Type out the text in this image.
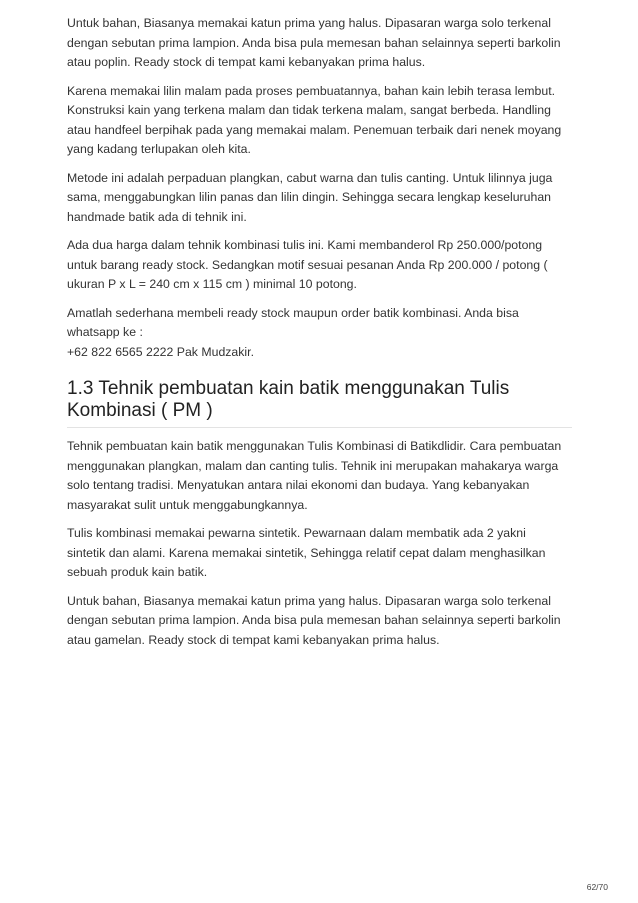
Untuk bahan, Biasanya memakai katun prima yang halus. Dipasaran warga solo terkenal
dengan sebutan prima lampion. Anda bisa pula memesan bahan selainnya seperti barkolin
atau poplin. Ready stock di tempat kami kebanyakan prima halus.

Karena memakai lilin malam pada proses pembuatannya, bahan kain lebih terasa lembut.
Konstruksi kain yang terkena malam dan tidak terkena malam, sangat berbeda. Handling
atau handfeel berpihak pada yang memakai malam. Penemuan terbaik dari nenek moyang
yang kadang terlupakan oleh kita.

Metode ini adalah perpaduan plangkan, cabut warna dan tulis canting. Untuk lilinnya juga
sama, menggabungkan lilin panas dan lilin dingin. Sehingga secara lengkap keseluruhan
handmade batik ada di tehnik ini.

Ada dua harga dalam tehnik kombinasi tulis ini. Kami membanderol Rp 250.000/potong
untuk barang ready stock. Sedangkan motif sesuai pesanan Anda Rp 200.000 / potong (
ukuran P x L = 240 cm x 115 cm ) minimal 10 potong.

Amatlah sederhana membeli ready stock maupun order batik kombinasi. Anda bisa
whatsapp ke :
+62 822 6565 2222 Pak Mudzakir.

1.3 Tehnik pembuatan kain batik menggunakan Tulis
Kombinasi ( PM )

Tehnik pembuatan kain batik menggunakan Tulis Kombinasi di Batikdlidir. Cara pembuatan
menggunakan plangkan, malam dan canting tulis. Tehnik ini merupakan mahakarya warga
solo tentang tradisi. Menyatukan antara nilai ekonomi dan budaya. Yang kebanyakan
masyarakat sulit untuk menggabungkannya.

Tulis kombinasi memakai pewarna sintetik. Pewarnaan dalam membatik ada 2 yakni
sintetik dan alami. Karena memakai sintetik, Sehingga relatif cepat dalam menghasilkan
sebuah produk kain batik.

Untuk bahan, Biasanya memakai katun prima yang halus. Dipasaran warga solo terkenal
dengan sebutan prima lampion. Anda bisa pula memesan bahan selainnya seperti barkolin
atau gamelan. Ready stock di tempat kami kebanyakan prima halus.

62/70
